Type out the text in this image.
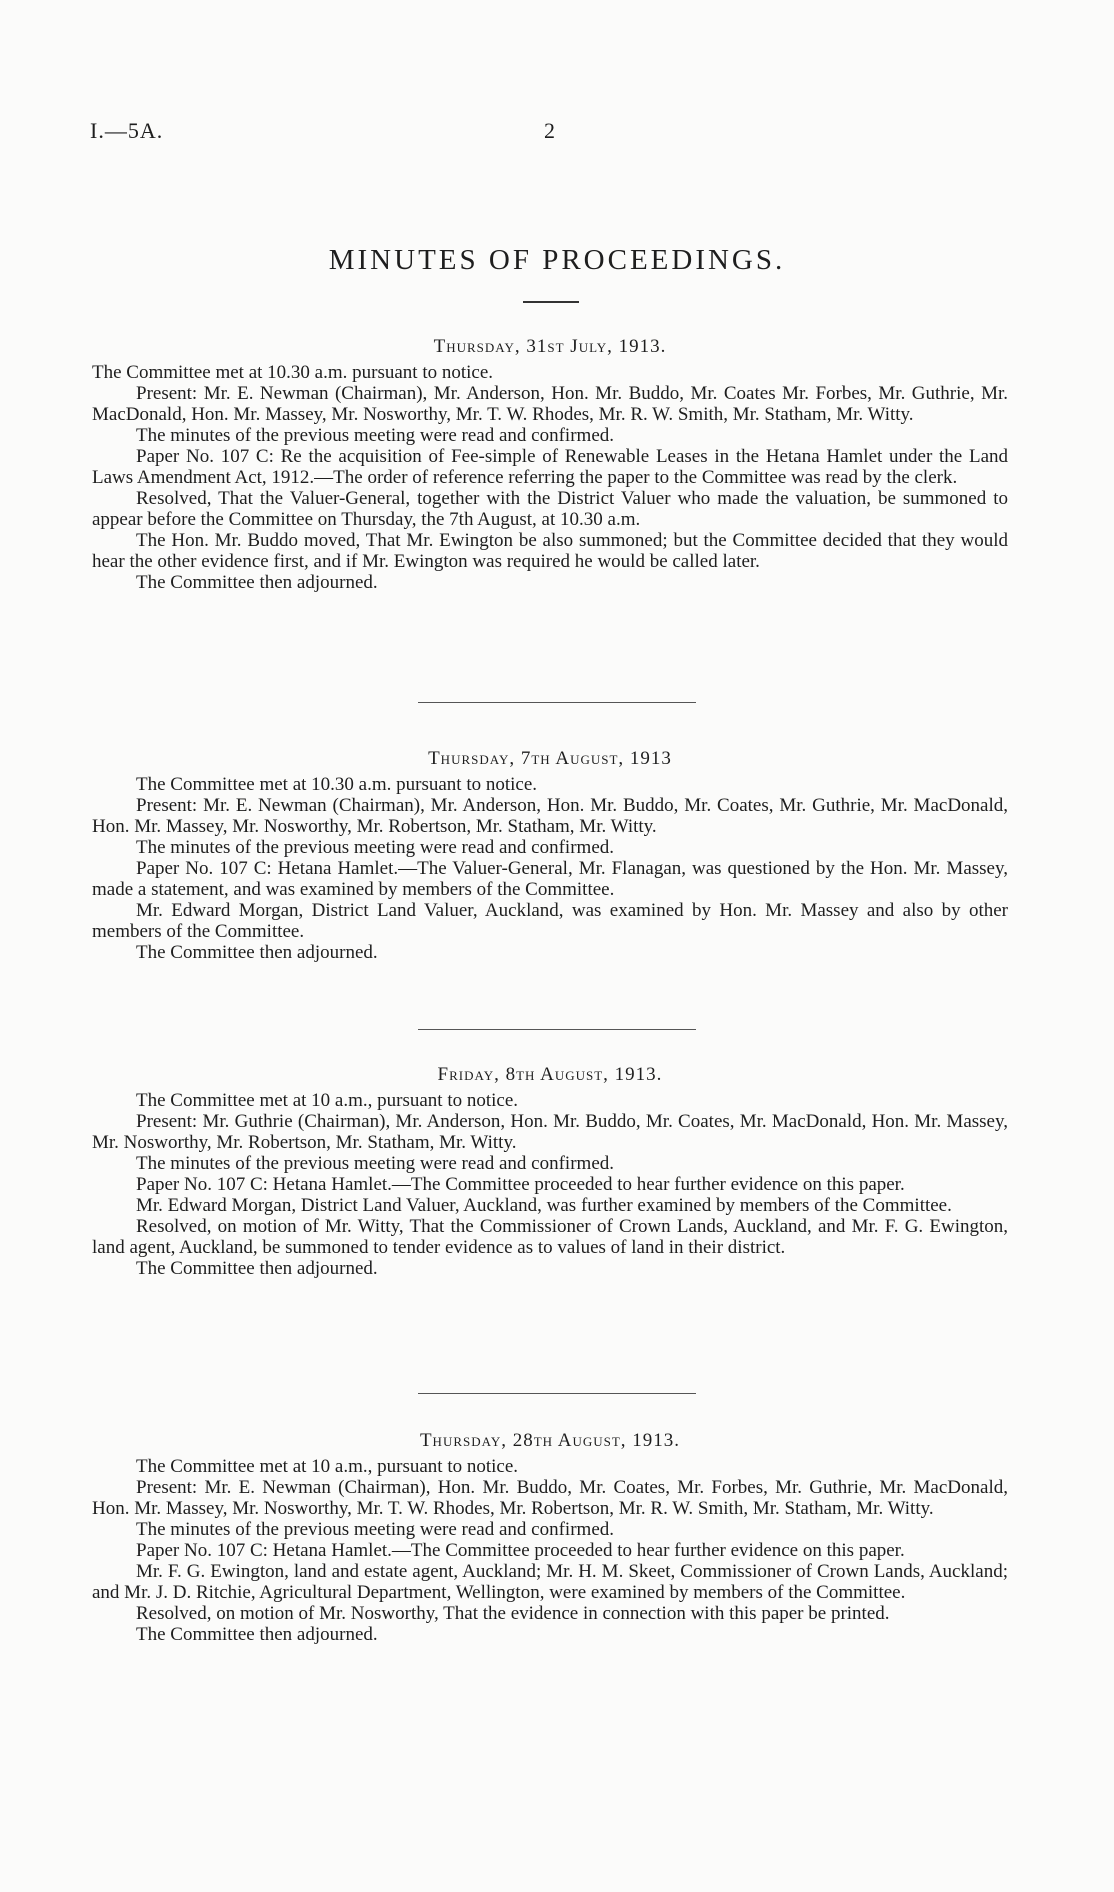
I.—5A.	2
MINUTES OF PROCEEDINGS.
Thursday, 31st July, 1913.

The Committee met at 10.30 a.m. pursuant to notice.

Present: Mr. E. Newman (Chairman), Mr. Anderson, Hon. Mr. Buddo, Mr. Coates Mr. Forbes, Mr. Guthrie, Mr. MacDonald, Hon. Mr. Massey, Mr. Nosworthy, Mr. T. W. Rhodes, Mr. R. W. Smith, Mr. Statham, Mr. Witty.

The minutes of the previous meeting were read and confirmed.

Paper No. 107 C: Re the acquisition of Fee-simple of Renewable Leases in the Hetana Hamlet under the Land Laws Amendment Act, 1912.—The order of reference referring the paper to the Committee was read by the clerk.

Resolved, That the Valuer-General, together with the District Valuer who made the valuation, be summoned to appear before the Committee on Thursday, the 7th August, at 10.30 a.m.

The Hon. Mr. Buddo moved, That Mr. Ewington be also summoned; but the Committee decided that they would hear the other evidence first, and if Mr. Ewington was required he would be called later.

The Committee then adjourned.

Thursday, 7th August, 1913

The Committee met at 10.30 a.m. pursuant to notice.

Present: Mr. E. Newman (Chairman), Mr. Anderson, Hon. Mr. Buddo, Mr. Coates, Mr. Guthrie, Mr. MacDonald, Hon. Mr. Massey, Mr. Nosworthy, Mr. Robertson, Mr. Statham, Mr. Witty.

The minutes of the previous meeting were read and confirmed.

Paper No. 107 C: Hetana Hamlet.—The Valuer-General, Mr. Flanagan, was questioned by the Hon. Mr. Massey, made a statement, and was examined by members of the Committee.

Mr. Edward Morgan, District Land Valuer, Auckland, was examined by Hon. Mr. Massey and also by other members of the Committee.

The Committee then adjourned.

Friday, 8th August, 1913.

The Committee met at 10 a.m., pursuant to notice.

Present: Mr. Guthrie (Chairman), Mr. Anderson, Hon. Mr. Buddo, Mr. Coates, Mr. MacDonald, Hon. Mr. Massey, Mr. Nosworthy, Mr. Robertson, Mr. Statham, Mr. Witty.

The minutes of the previous meeting were read and confirmed.

Paper No. 107 C: Hetana Hamlet.—The Committee proceeded to hear further evidence on this paper.

Mr. Edward Morgan, District Land Valuer, Auckland, was further examined by members of the Committee.

Resolved, on motion of Mr. Witty, That the Commissioner of Crown Lands, Auckland, and Mr. F. G. Ewington, land agent, Auckland, be summoned to tender evidence as to values of land in their district.

The Committee then adjourned.

Thursday, 28th August, 1913.

The Committee met at 10 a.m., pursuant to notice.

Present: Mr. E. Newman (Chairman), Hon. Mr. Buddo, Mr. Coates, Mr. Forbes, Mr. Guthrie, Mr. MacDonald, Hon. Mr. Massey, Mr. Nosworthy, Mr. T. W. Rhodes, Mr. Robertson, Mr. R. W. Smith, Mr. Statham, Mr. Witty.

The minutes of the previous meeting were read and confirmed.

Paper No. 107 C: Hetana Hamlet.—The Committee proceeded to hear further evidence on this paper.

Mr. F. G. Ewington, land and estate agent, Auckland; Mr. H. M. Skeet, Commissioner of Crown Lands, Auckland; and Mr. J. D. Ritchie, Agricultural Department, Wellington, were examined by members of the Committee.

Resolved, on motion of Mr. Nosworthy, That the evidence in connection with this paper be printed.

The Committee then adjourned.
